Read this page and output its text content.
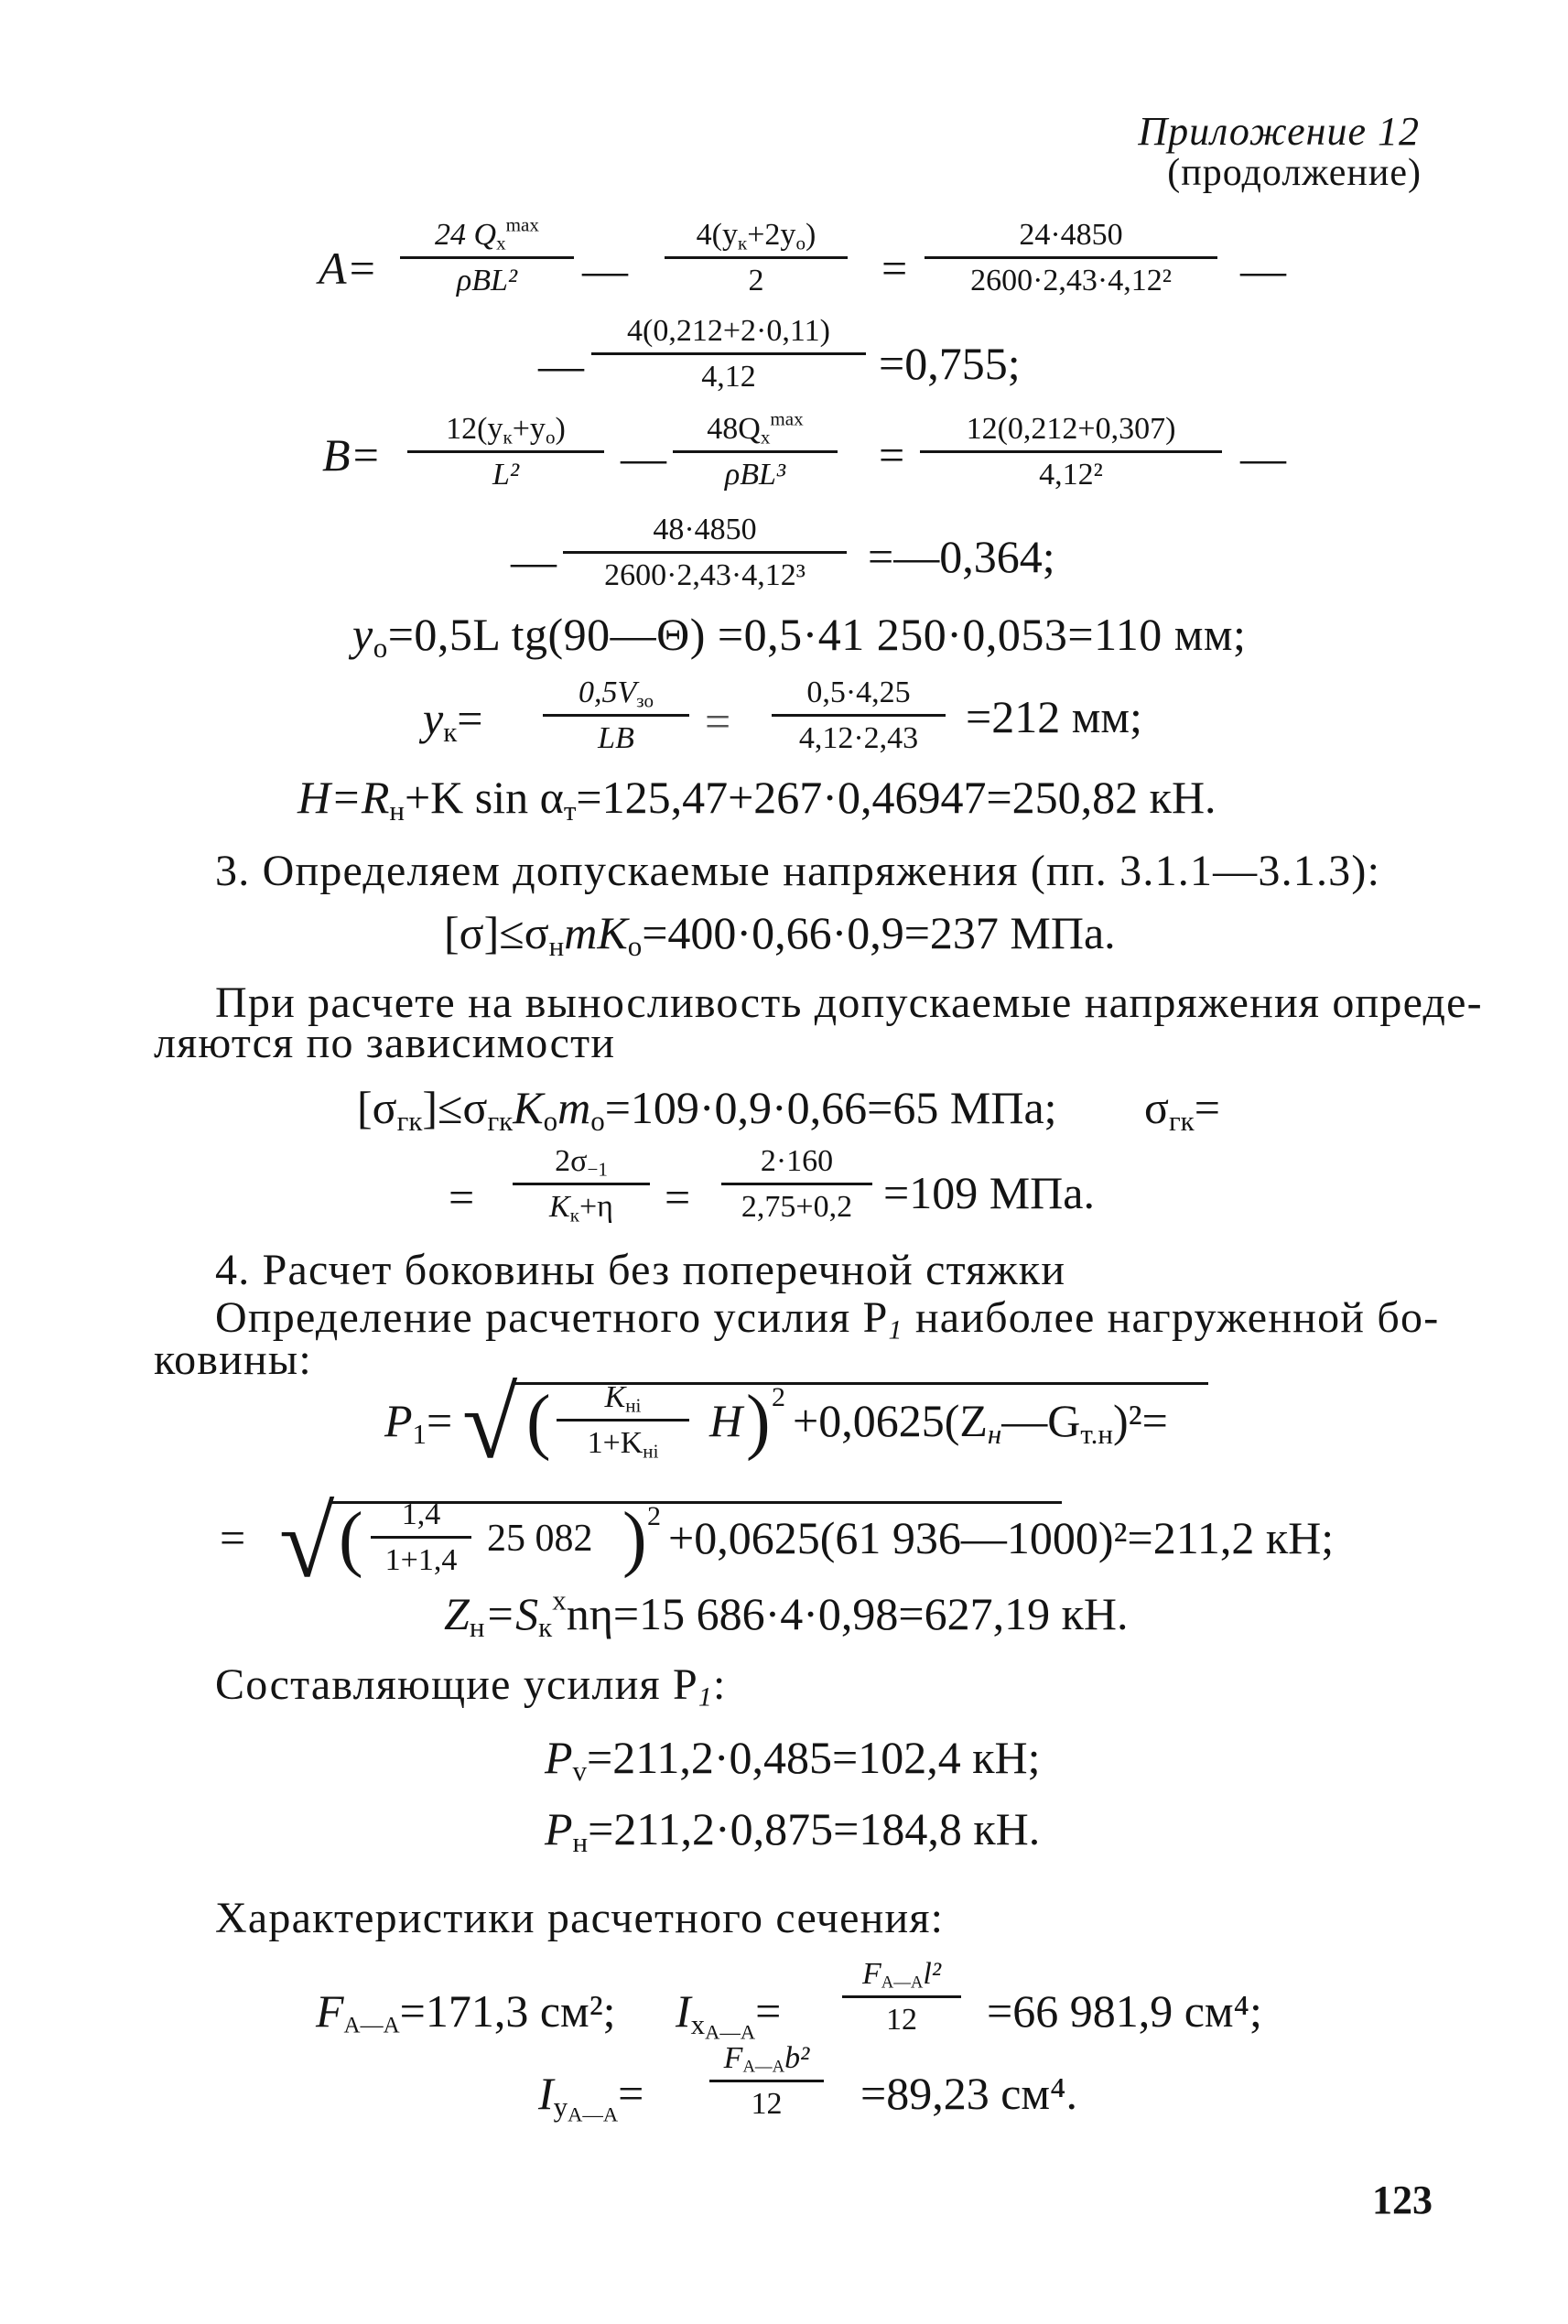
Приложение 12
(продолжение)
A=
24 $Q_x^{max}$
ρBL²	—
$4(y_к+2y_o)$
2	=
24·4850
2600·2,43·4,12²	—
—
4(0,212+2·0,11)
4,12	=0,755;
B=
$12(y_к+y_o)$
L²	—
$48Q_x^{max}$
ρBL³	=
12(0,212+0,307)
4,12²	—
—
48·4850
2600·2,43·4,12³	=—0,364;
$y_o=0,5L$ tg(90—Θ) =0,5·41 250·0,053=110 мм;
$y_к=$
$0,5V_{зо}$
LB	=
0,5·4,25
4,12·2,43	=212 мм;
$H=R_н+K$ $\sin \alpha_т=125,47+267\cdot 0,46947=250,82$ кН.
3. Определяем допускаемые напряжения (пп. 3.1.1—3.1.3):
$[\sigma]\le\sigma_нmK_o=400\cdot 0,66\cdot 0,9=237$ МПа.
При расчете на выносливость допускаемые напряжения опреде-
ляются по зависимости
$[\sigma_{гк}]\le\sigma_{гк}K_om_o=109\cdot 0,9\cdot 0,66=65$ МПа; $\sigma_{гк}=$
=
$2\sigma_{-1}$
$K_к+\eta$	=
2·160
2,75+0,2 =109 МПа.
4. Расчет боковины без поперечной стяжки
Определение расчетного усилия $P_1$ наиболее нагруженной бо-
ковины:
$P_1=$ √ (	$K_{нi}$
$1+K_{нi}$
H ) $2 +0,0625(Z_н—G_{т.н})^2=$
= √ (	1,4
1+1,4
25 082 ) 2 +0,0625(61 936—1000)²=211,2 кН;
$Z_н=S_к^xn\eta=15$ 686·4·0,98=627,19 кН.
Составляющие усилия $P_1$:
$P_v=211,2\cdot 0,485=102,4$ кН;
$P_н=211,2\cdot 0,875=184,8$ кН.
Характеристики расчетного сечения:
$F_{A—A}=171,3$ см²; $I_{xA—A}=$
$F_{A—A}l^2$
12	=66 981,9 см⁴;
$I_{yA—A}=$
$F_{A—A}b^2$
12	=89,23 см⁴.
123
